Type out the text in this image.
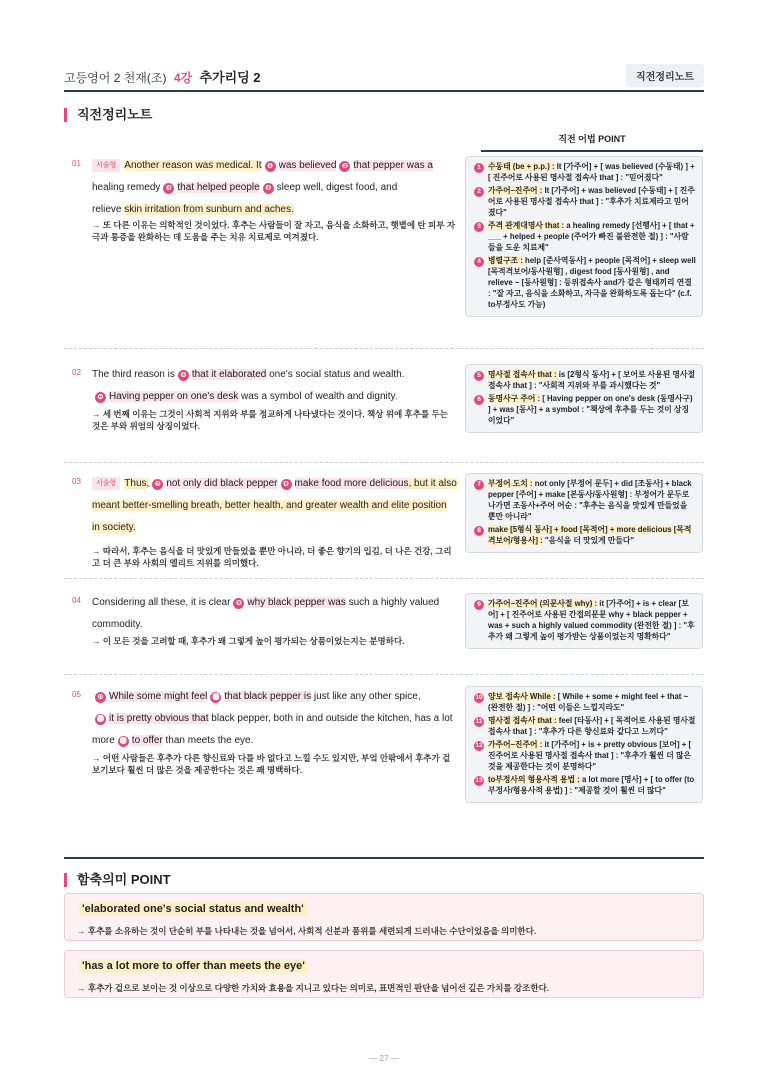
고등영어 2 천재(조) 4강 추가리딩 2	직전정리노트
직전정리노트
직전 어법 POINT
01	서술형 Another reason was medical. It ❶ was believed ❷ that pepper was a
healing remedy ❸ that helped people ❹ sleep well, digest food, and
relieve skin irritation from sunburn and aches.
→ 또 다른 이유는 의학적인 것이었다. 후추는 사람들이 잘 자고, 음식을 소화하고, 햇볕에 탄 피부 자극과 통증을 완화하는 데 도움을 주는 치유 치료제로 여겨졌다.
1 수동태 (be + p.p.) : It [가주어] + [ was believed (수동태) ] + [ 진주어로 사용된 명사절 접속사 that ] : "믿어졌다"
2 가주어–진주어 : It [가주어] + was believed [수동태] + [ 진주어로 사용된 명사절 접속사 that ] : "후추가 치료제라고 믿어졌다"
3 주격 관계대명사 that : a healing remedy [선행사] + [ that + ___ + helped + people (주어가 빠진 불완전한 절) ] : "사람들을 도운 치료제"
4 병렬구조 : help [준사역동사] + people [목적어] + sleep well [목적격보어/동사원형] , digest food [동사원형] , and relieve ~ [동사원형] : 등위접속사 and가 같은 형태끼리 연결 : "잘 자고, 음식을 소화하고, 자극을 완화하도록 돕는다" (c.f. to부정사도 가능)
02 The third reason is ❺ that it elaborated one's social status and wealth.
❻ Having pepper on one's desk was a symbol of wealth and dignity.
→ 세 번째 이유는 그것이 사회적 지위와 부를 정교하게 나타냈다는 것이다. 책상 위에 후추를 두는 것은 부와 위엄의 상징이었다.
5 명사절 접속사 that : is [2형식 동사] + [ 보어로 사용된 명사절 접속사 that ] : "사회적 지위와 부를 과시했다는 것"
6 동명사구 주어 : [ Having pepper on one's desk (동명사구) ] + was [동사] + a symbol : "책상에 후추를 두는 것이 상징이었다"
03	서술형 Thus, ❼ not only did black pepper ❽ make food more delicious, but it also meant better-smelling breath, better health, and greater wealth and elite position in society.
→ 따라서, 후추는 음식을 더 맛있게 만들었을 뿐만 아니라, 더 좋은 향기의 입김, 더 나은 건강, 그리고 더 큰 부와 사회의 엘리트 지위를 의미했다.
7 부정어 도치 : not only [부정어 문두] + did [조동사] + black pepper [주어] + make [본동사/동사원형] : 부정어가 문두로 나가면 조동사+주어 어순 : "후추는 음식을 맛있게 만들었을 뿐만 아니라"
8 make [5형식 동사] + food [목적어] + more delicious [목적격보어/형용사] : "음식을 더 맛있게 만들다"
04 Considering all these, it is clear ❾ why black pepper was such a highly valued commodity.
→ 이 모든 것을 고려할 때, 후추가 왜 그렇게 높이 평가되는 상품이었는지는 분명하다.
9 가주어–진주어 (의문사절 why) : it [가주어] + is + clear [보어] + [ 진주어로 사용된 간접의문문 why + black pepper + was + such a highly valued commodity (완전한 절) ] : "후추가 왜 그렇게 높이 평가받는 상품이었는지 명확하다"
05	❿ While some might feel ⓫ that black pepper is just like any other spice,
⓬ it is pretty obvious that black pepper, both in and outside the kitchen, has a lot more ⓭ to offer than meets the eye.
→ 어떤 사람들은 후추가 다른 향신료와 다를 바 없다고 느낄 수도 있지만, 부엌 안팎에서 후추가 겉보기보다 훨씬 더 많은 것을 제공한다는 것은 꽤 명백하다.
10 양보 접속사 While : [ While + some + might feel + that ~ (완전한 절) ] : "어떤 이들은 느낄지라도"
11 명사절 접속사 that : feel [타동사] + [ 목적어로 사용된 명사절 접속사 that ] : "후추가 다른 향신료와 같다고 느끼다"
12 가주어–진주어 : it [가주어] + is + pretty obvious [보어] + [ 진주어로 사용된 명사절 접속사 that ] : "후추가 훨씬 더 많은 것을 제공한다는 것이 분명하다"
13 to부정사의 형용사적 용법 : a lot more [명사] + [ to offer (to부정사/형용사적 용법) ] : "제공할 것이 훨씬 더 많다"
함축의미 POINT
'elaborated one's social status and wealth'
→ 후추를 소유하는 것이 단순히 부를 나타내는 것을 넘어서, 사회적 신분과 품위를 세련되게 드러내는 수단이었음을 의미한다.
'has a lot more to offer than meets the eye'
→ 후추가 겉으로 보이는 것 이상으로 다양한 가치와 효용을 지니고 있다는 의미로, 표면적인 판단을 넘어선 깊은 가치를 강조한다.
— 27 —
